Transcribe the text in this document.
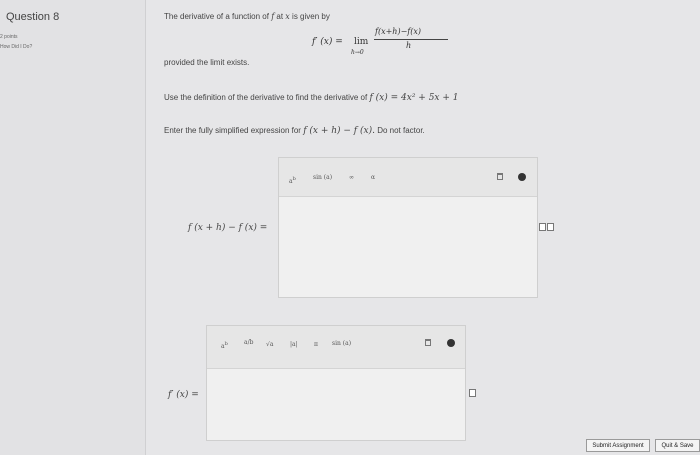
Question 8
2 points
How Did I Do?
The derivative of a function of f at x is given by
f′ (x) = lim
h→0
f(x+h)−f(x)
h
provided the limit exists.
Use the definition of the derivative to find the derivative of f (x) = 4x² + 5x + 1
Enter the fully simplified expression for f (x + h) − f (x). Do not factor.
$a^b$	sin (a)	∞	α
f (x + h) − f (x) =
$a^b$	a/b √a	|a|	π sin (a)
f′ (x) =
Submit Assignment	Quit & Save
